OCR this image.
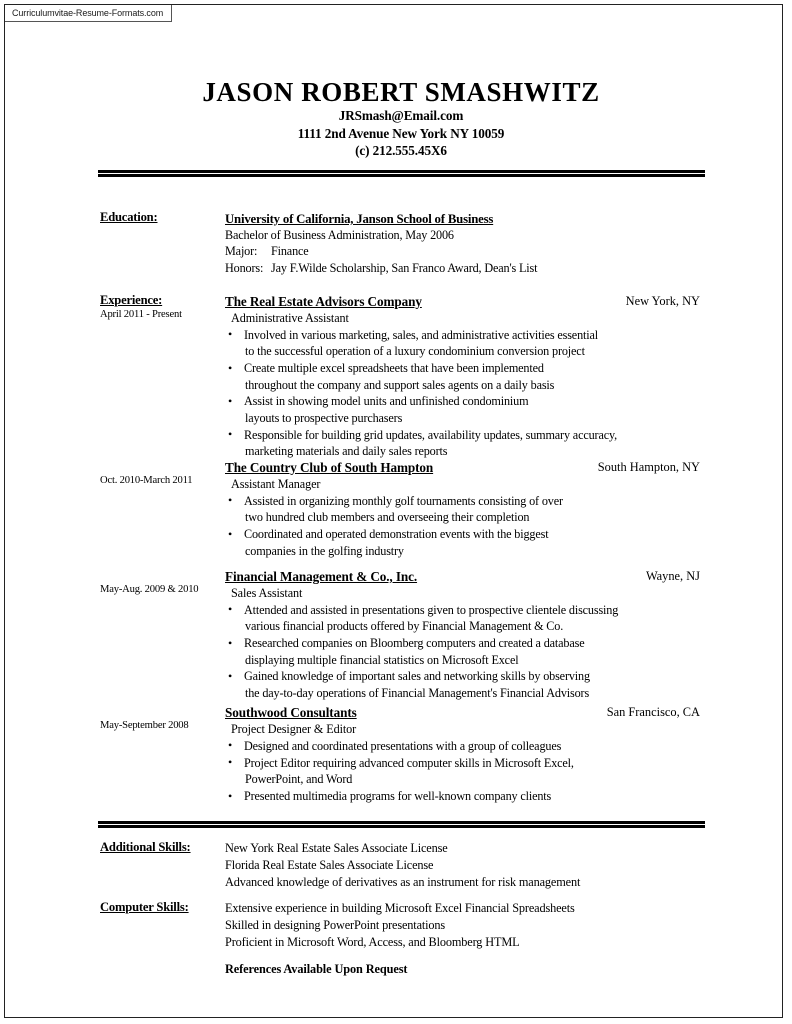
Curriculumvitae-Resume-Formats.com
JASON ROBERT SMASHWITZ
JRSmash@Email.com
1111 2nd Avenue New York NY 10059
(c) 212.555.45X6
Education:	University of California, Janson School of Business
Bachelor of Business Administration, May 2006
Major: Finance
Honors: Jay F.Wilde Scholarship, San Franco Award, Dean's List
Experience:
April 2011 - Present
The Real Estate Advisors Company	New York, NY
Administrative Assistant
• Involved in various marketing, sales, and administrative activities essential
to the successful operation of a luxury condominium conversion project
• Create multiple excel spreadsheets that have been implemented
throughout the company and support sales agents on a daily basis
• Assist in showing model units and unfinished condominium
layouts to prospective purchasers
• Responsible for building grid updates, availability updates, summary accuracy,
marketing materials and daily sales reports
Oct. 2010-March 2011
The Country Club of South Hampton	South Hampton, NY
Assistant Manager
• Assisted in organizing monthly golf tournaments consisting of over
two hundred club members and overseeing their completion
• Coordinated and operated demonstration events with the biggest
companies in the golfing industry
May-Aug. 2009 & 2010
Financial Management & Co., Inc.	Wayne, NJ
Sales Assistant
• Attended and assisted in presentations given to prospective clientele discussing
various financial products offered by Financial Management & Co.
• Researched companies on Bloomberg computers and created a database
displaying multiple financial statistics on Microsoft Excel
• Gained knowledge of important sales and networking skills by observing
the day-to-day operations of Financial Management's Financial Advisors
May-September 2008
Southwood Consultants	San Francisco, CA
Project Designer & Editor
• Designed and coordinated presentations with a group of colleagues
• Project Editor requiring advanced computer skills in Microsoft Excel,
PowerPoint, and Word
• Presented multimedia programs for well-known company clients
Additional Skills:	New York Real Estate Sales Associate License
Florida Real Estate Sales Associate License
Advanced knowledge of derivatives as an instrument for risk management
Computer Skills:	Extensive experience in building Microsoft Excel Financial Spreadsheets
Skilled in designing PowerPoint presentations
Proficient in Microsoft Word, Access, and Bloomberg HTML
References Available Upon Request
